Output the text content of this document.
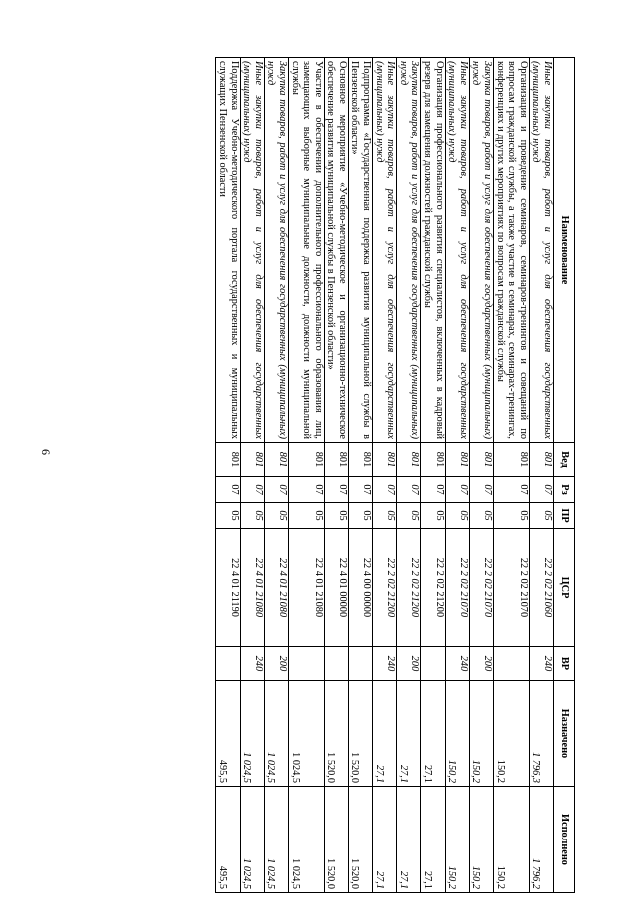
6
Наименование	Вед	Рз	ПР	ЦСР	ВР	Назначено	Исполнено
Иные закупки товаров, работ и услуг для обеспечения государственных (муниципальных) нужд	801	07	05	22 2 02 21060	240	1 796,3	1 796,2
Организация и проведение семинаров, семинаров-тренингов и совещаний по вопросам гражданской службы, а также участие в семинарах, семинарах-тренингах, конференциях и других мероприятиях по вопросам гражданской службы	801	07	05	22 2 02 21070		150,2	150,2
Закупка товаров, работ и услуг для обеспечения государственных (муниципальных) нужд	801	07	05	22 2 02 21070	200	150,2	150,2
Иные закупки товаров, работ и услуг для обеспечения государственных (муниципальных) нужд	801	07	05	22 2 02 21070	240	150,2	150,2
Организация профессионального развития специалистов, включенных в кадровый резерв для замещения должностей гражданской службы	801	07	05	22 2 02 21200		27,1	27,1
Закупка товаров, работ и услуг для обеспечения государственных (муниципальных) нужд	801	07	05	22 2 02 21200	200	27,1	27,1
Иные закупки товаров, работ и услуг для обеспечения государственных (муниципальных) нужд	801	07	05	22 2 02 21200	240	27,1	27,1
Подпрограмма «Государственная поддержка развития муниципальной службы в Пензенской области»	801	07	05	22 4 00 00000		1 520,0	1 520,0
Основное мероприятие «Учебно-методическое и организационно-техническое обеспечение развития муниципальной службы в Пензенской области»	801	07	05	22 4 01 00000		1 520,0	1 520,0
Участие в обеспечении дополнительного профессионального образования лиц, замещающих выборные муниципальные должности, должности муниципальной службы	801	07	05	22 4 01 21080		1 024,5	1 024,5
Закупка товаров, работ и услуг для обеспечения государственных (муниципальных) нужд	801	07	05	22 4 01 21080	200	1 024,5	1 024,5
Иные закупки товаров, работ и услуг для обеспечения государственных (муниципальных) нужд	801	07	05	22 4 01 21080	240	1 024,5	1 024,5
Поддержка Учебно-методического портала государственных и муниципальных служащих Пензенской области	801	07	05	22 4 01 21190		495,5	495,5
